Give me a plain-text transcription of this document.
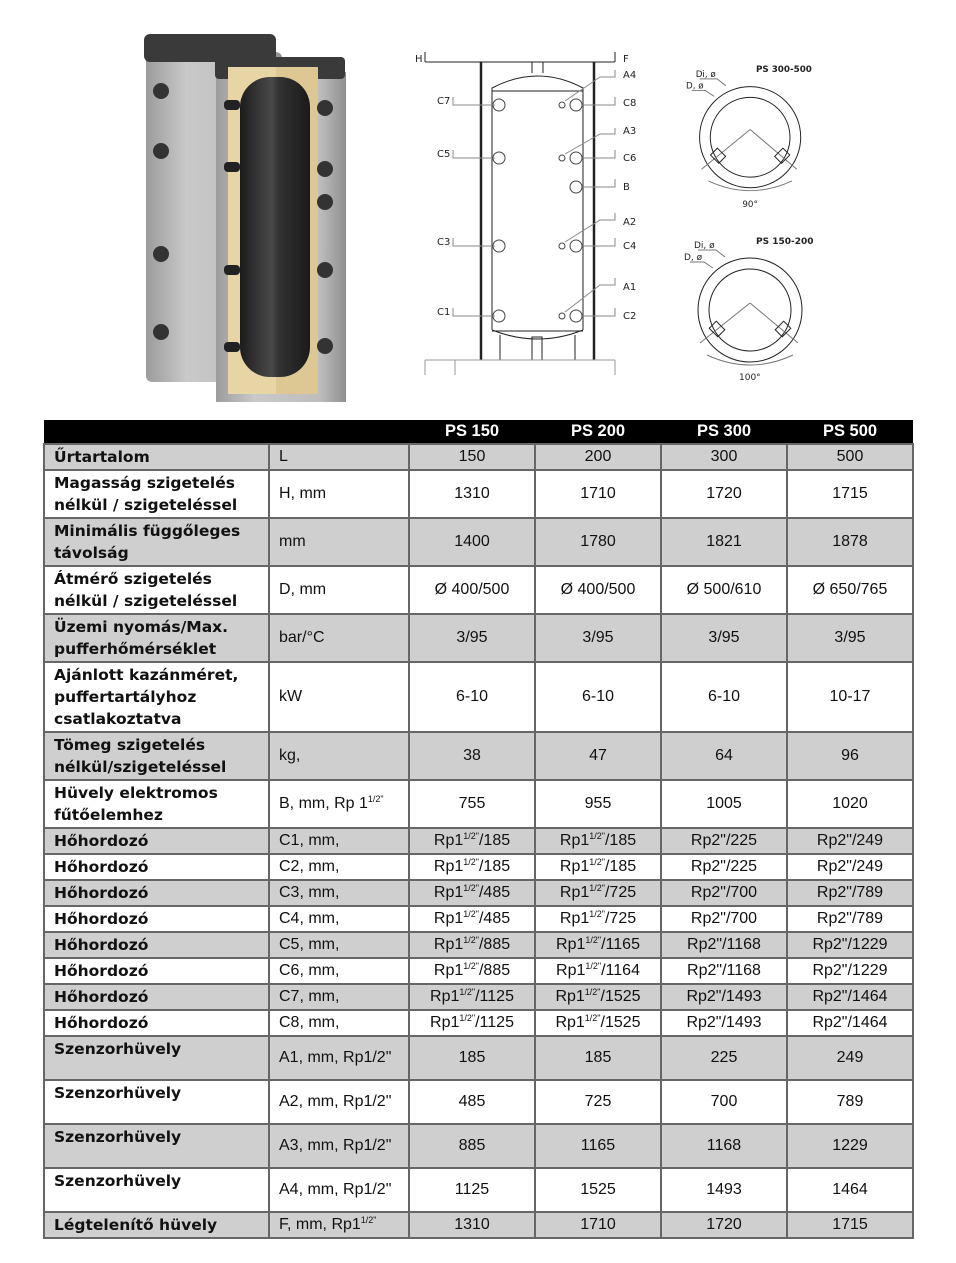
H
C7
C5
C3
C1
F
A4
C8
A3
C6
B
A2
C4
A1
C2
Di, ø
D, ø
PS 300-500
90°
Di, ø
D, ø
PS 150-200
100°
		PS 150	PS 200	PS 300	PS 500
Űrtartalom	L	150	200	300	500
Magasság szigetelés nélkül / szigeteléssel	H, mm	1310	1710	1720	1715
Minimális függőleges távolság	mm	1400	1780	1821	1878
Átmérő szigetelés nélkül / szigeteléssel	D, mm	Ø 400/500	Ø 400/500	Ø 500/610	Ø 650/765
Üzemi nyomás/Max. pufferhőmérséklet	bar/°C	3/95	3/95	3/95	3/95
Ajánlott kazánméret, puffertartályhoz csatlakoztatva	kW	6-10	6-10	6-10	10-17
Tömeg szigetelés nélkül/szigeteléssel	kg,	38	47	64	96
Hüvely elektromos fűtőelemhez	B, mm, Rp $1^{1/2"}$	755	955	1005	1020
Hőhordozó	C1, mm,	$Rp1^{1/2"}/185$	$Rp1^{1/2"}/185$	Rp2"/225	Rp2"/249
Hőhordozó	C2, mm,	$Rp1^{1/2"}/185$	$Rp1^{1/2"}/185$	Rp2"/225	Rp2"/249
Hőhordozó	C3, mm,	$Rp1^{1/2"}/485$	$Rp1^{1/2"}/725$	Rp2"/700	Rp2"/789
Hőhordozó	C4, mm,	$Rp1^{1/2"}/485$	$Rp1^{1/2"}/725$	Rp2"/700	Rp2"/789
Hőhordozó	C5, mm,	$Rp1^{1/2"}/885$	$Rp1^{1/2"}/1165$	Rp2"/1168	Rp2"/1229
Hőhordozó	C6, mm,	$Rp1^{1/2"}/885$	$Rp1^{1/2"}/1164$	Rp2"/1168	Rp2"/1229
Hőhordozó	C7, mm,	$Rp1^{1/2"}/1125$	$Rp1^{1/2"}/1525$	Rp2"/1493	Rp2"/1464
Hőhordozó	C8, mm,	$Rp1^{1/2"}/1125$	$Rp1^{1/2"}/1525$	Rp2"/1493	Rp2"/1464
Szenzorhüvely	A1, mm, Rp1/2"	185	185	225	249
Szenzorhüvely	A2, mm, Rp1/2"	485	725	700	789
Szenzorhüvely	A3, mm, Rp1/2"	885	1165	1168	1229
Szenzorhüvely	A4, mm, Rp1/2"	1125	1525	1493	1464
Légtelenítő hüvely	F, mm, $Rp1^{1/2"}$	1310	1710	1720	1715
